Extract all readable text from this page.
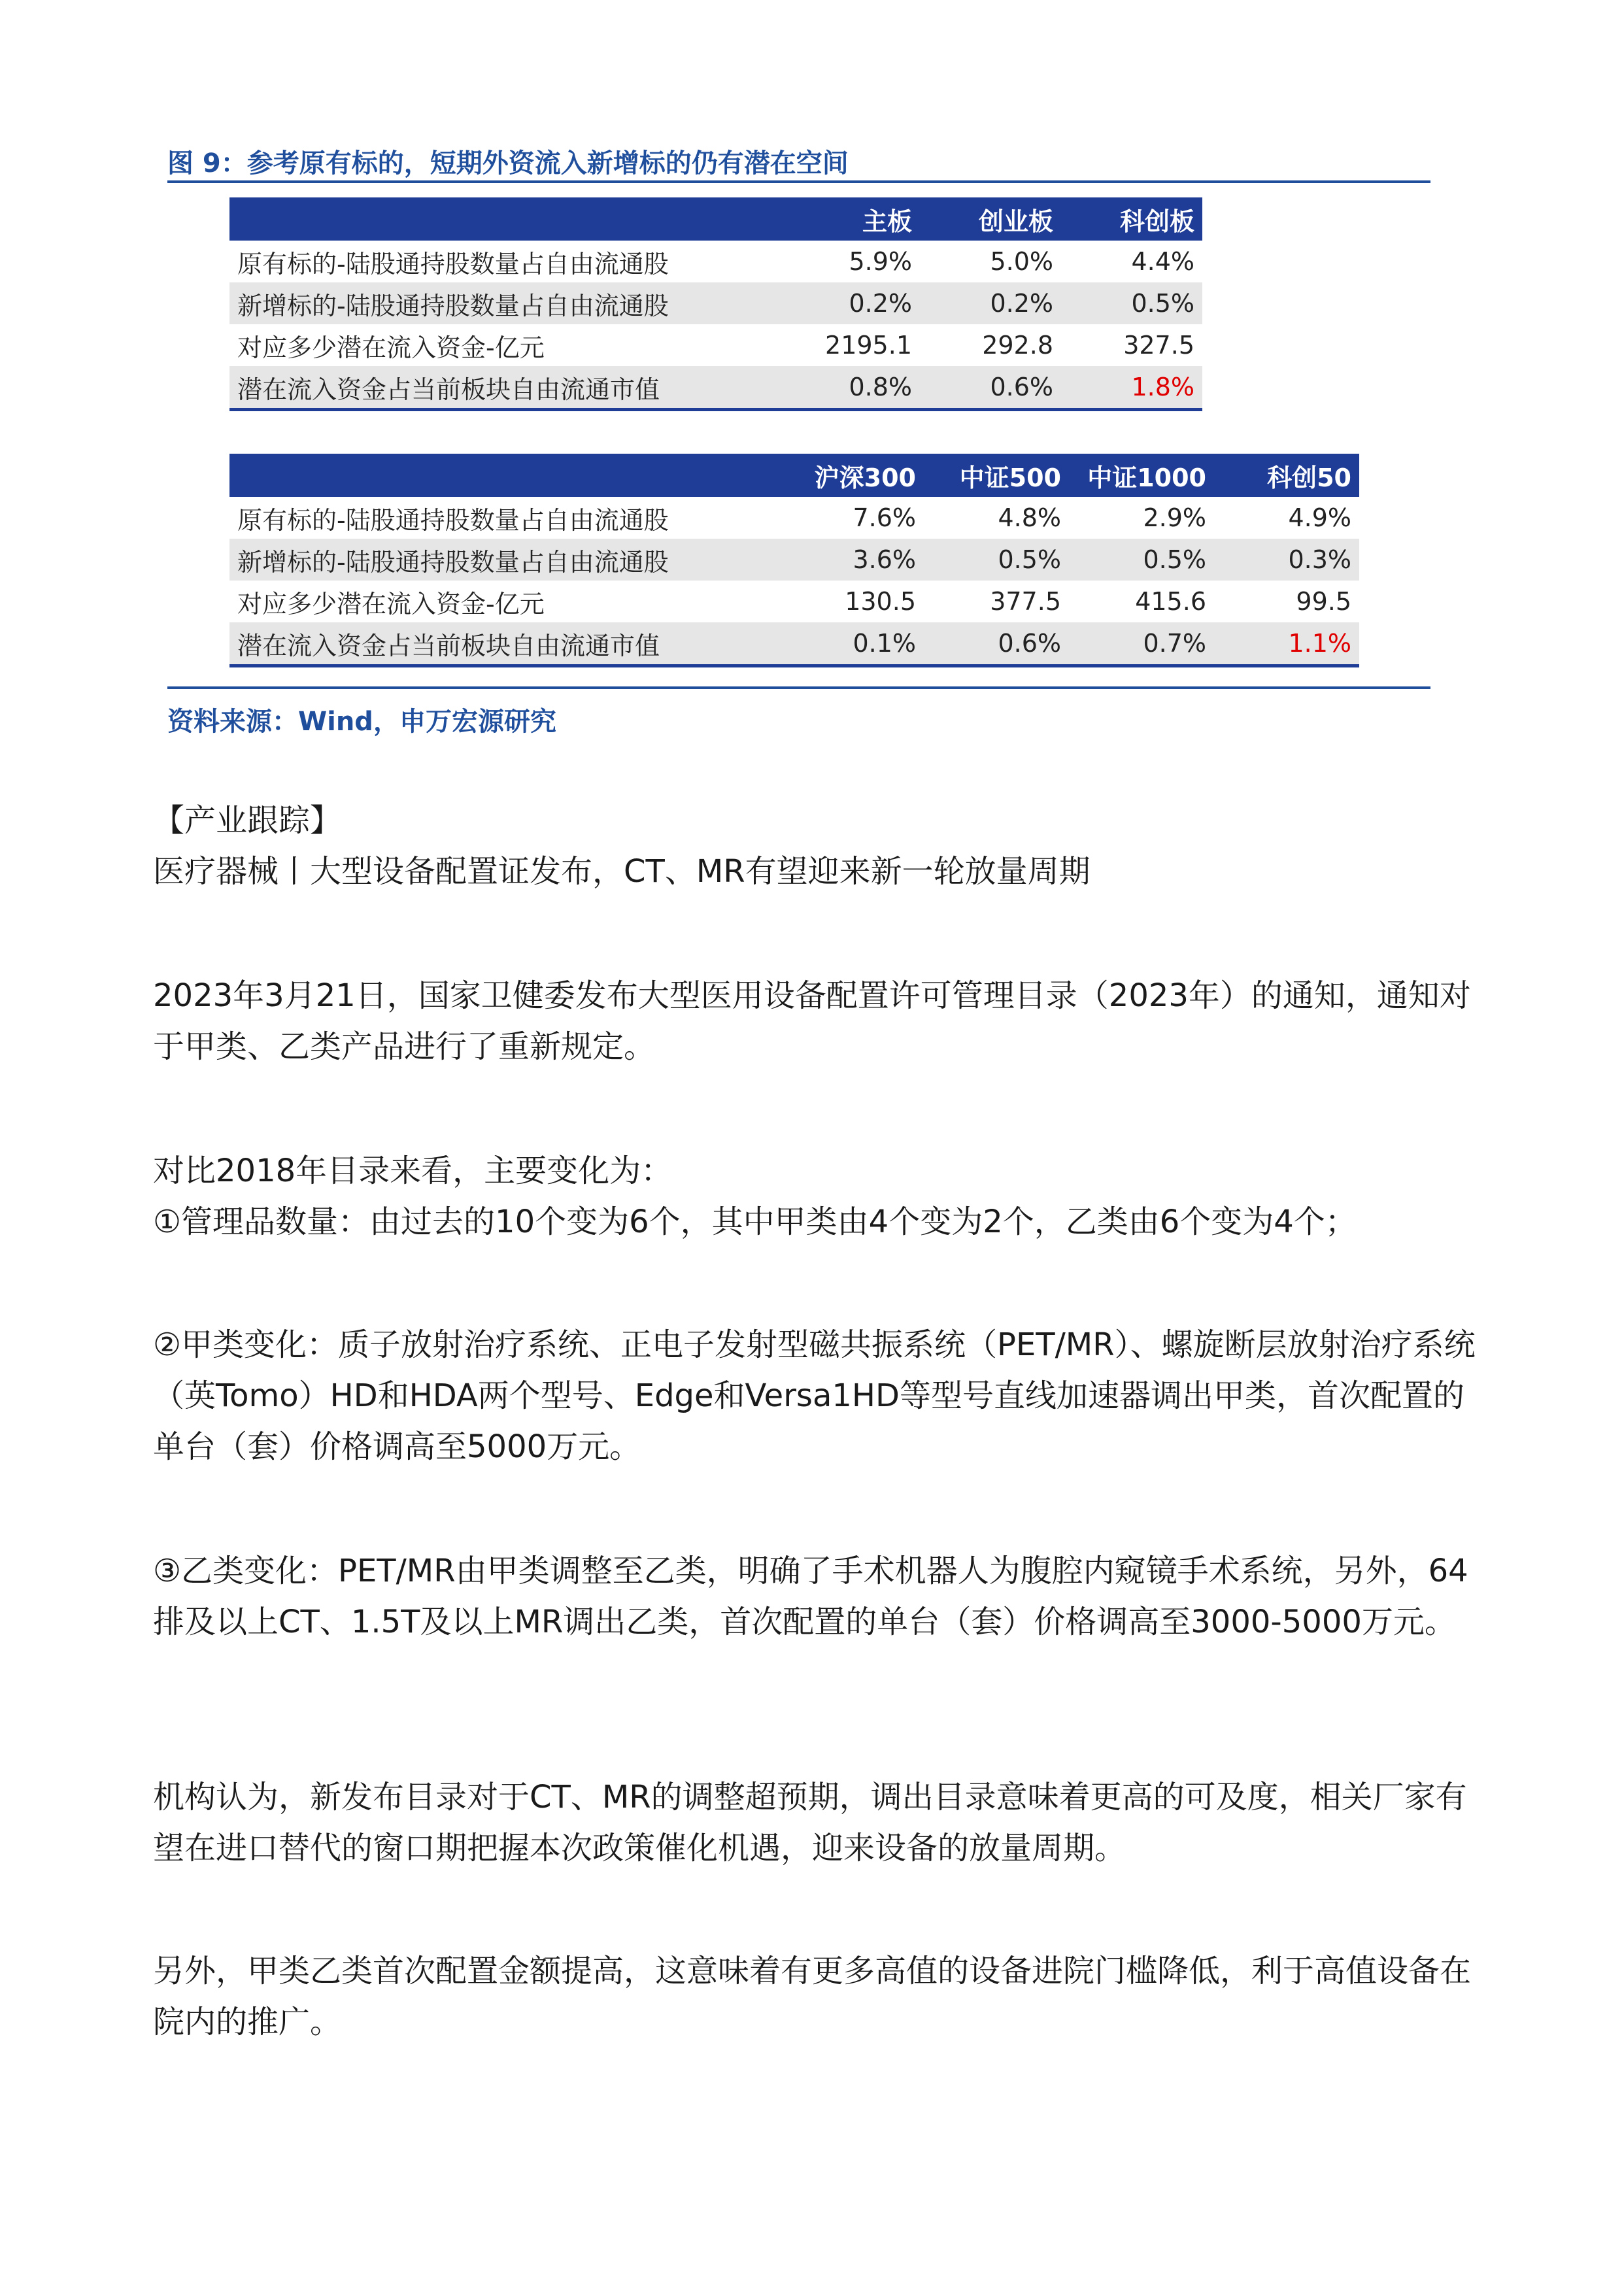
图 9：参考原有标的，短期外资流入新增标的仍有潜在空间
	主板	创业板	科创板
原有标的-陆股通持股数量占自由流通股	5.9%	5.0%	4.4%
新增标的-陆股通持股数量占自由流通股	0.2%	0.2%	0.5%
对应多少潜在流入资金-亿元	2195.1	292.8	327.5
潜在流入资金占当前板块自由流通市值	0.8%	0.6%	1.8%
	沪深300	中证500	中证1000	科创50
原有标的-陆股通持股数量占自由流通股	7.6%	4.8%	2.9%	4.9%
新增标的-陆股通持股数量占自由流通股	3.6%	0.5%	0.5%	0.3%
对应多少潜在流入资金-亿元	130.5	377.5	415.6	99.5
潜在流入资金占当前板块自由流通市值	0.1%	0.6%	0.7%	1.1%
资料来源：Wind，申万宏源研究

【产业跟踪】

医疗器械丨大型设备配置证发布，CT、MR有望迎来新一轮放量周期

2023年3月21日，国家卫健委发布大型医用设备配置许可管理目录（2023年）的通知，通知对于甲类、乙类产品进行了重新规定。

对比2018年目录来看，主要变化为：

①管理品数量：由过去的10个变为6个，其中甲类由4个变为2个，乙类由6个变为4个；

②甲类变化：质子放射治疗系统、正电子发射型磁共振系统（PET/MR）、螺旋断层放射治疗系统（英Tomo）HD和HDA两个型号、Edge和Versa1HD等型号直线加速器调出甲类，首次配置的单台（套）价格调高至5000万元。

③乙类变化：PET/MR由甲类调整至乙类，明确了手术机器人为腹腔内窥镜手术系统，另外，64排及以上CT、1.5T及以上MR调出乙类，首次配置的单台（套）价格调高至3000-5000万元。

机构认为，新发布目录对于CT、MR的调整超预期，调出目录意味着更高的可及度，相关厂家有望在进口替代的窗口期把握本次政策催化机遇，迎来设备的放量周期。

另外，甲类乙类首次配置金额提高，这意味着有更多高值的设备进院门槛降低，利于高值设备在院内的推广。
